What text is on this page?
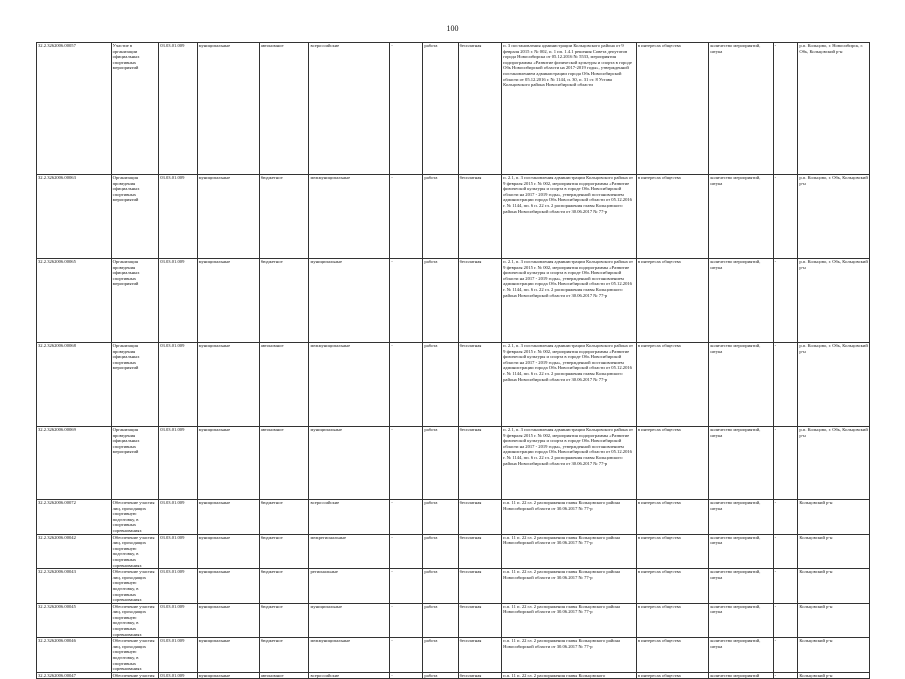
100
32.2.3262006.00057	Участие в организации официальных спортивных мероприятий	03.03.01.009	муниципальные	автономное	всероссийские	-	работа	бесплатная	п. 3 постановления администрации Кольцовского района от 9 февраля 2015 г. № 002, п. 1 пп. 1.4.1 решения Совета депутатов города Новосибирска от 05.12.2016 № 5533, мероприятия подпрограммы «Развитие физической культуры и спорта в городе Обь Новосибирской области на 2017-2019 годы», утвержденной постановлением администрации города Обь Новосибирской области от 05.12.2016 г. № 1144, п. 30, п. 31 ст. 8 Устава Кольцовского района Новосибирской области	в интересах общества	количество мероприятий, штука	-	р.п. Кольцово, г. Новосибирск, г. Обь, Кольцовский р-н
32.2.3262006.00063	Организация проведения официальных спортивных мероприятий	03.03.01.009	муниципальные	бюджетное	межмуниципальные	-	работа	бесплатная	п. 2.1, п. 3 постановления администрации Кольцовского района от 9 февраля 2015 г. № 002, мероприятия подпрограммы «Развитие физической культуры и спорта в городе Обь Новосибирской области на 2017 - 2019 годы», утвержденной постановлением администрации города Обь Новосибирской области от 05.12.2016 г. № 1144, пп. 6 п. 22 гл. 2 распоряжения главы Кольцовского района Новосибирской области от 30.06.2017 № 77-р	в интересах общества	количество мероприятий, штука	-	р.п. Кольцово, г. Обь, Кольцовский р-н
32.2.3262006.00065	Организация проведения официальных спортивных мероприятий	03.03.01.009	муниципальные	бюджетное	муниципальные	-	работа	бесплатная	п. 2.1, п. 3 постановления администрации Кольцовского района от 9 февраля 2015 г. № 002, мероприятия подпрограммы «Развитие физической культуры и спорта в городе Обь Новосибирской области на 2017 - 2019 годы», утвержденной постановлением администрации города Обь Новосибирской области от 05.12.2016 г. № 1144, пп. 6 п. 22 гл. 2 распоряжения главы Кольцовского района Новосибирской области от 30.06.2017 № 77-р	в интересах общества	количество мероприятий, штука	-	р.п. Кольцово, г. Обь, Кольцовский р-н
32.2.3262006.00068	Организация проведения официальных спортивных мероприятий	03.03.01.009	муниципальные	автономное	межмуниципальные	-	работа	бесплатная	п. 2.1, п. 3 постановления администрации Кольцовского района от 9 февраля 2015 г. № 002, мероприятия подпрограммы «Развитие физической культуры и спорта в городе Обь Новосибирской области на 2017 - 2019 годы», утвержденной постановлением администрации города Обь Новосибирской области от 05.12.2016 г. № 1144, пп. 6 п. 22 гл. 2 распоряжения главы Кольцовского района Новосибирской области от 30.06.2017 № 77-р	в интересах общества	количество мероприятий, штука	-	р.п. Кольцово, г. Обь, Кольцовский р-н
32.2.3262006.00069	Организация проведения официальных спортивных мероприятий	03.03.01.009	муниципальные	автономное	муниципальные	-	работа	бесплатная	п. 2.1, п. 3 постановления администрации Кольцовского района от 9 февраля 2015 г. № 002, мероприятия подпрограммы «Развитие физической культуры и спорта в городе Обь Новосибирской области на 2017 - 2019 годы», утвержденной постановлением администрации города Обь Новосибирской области от 05.12.2016 г. № 1144, пп. 6 п. 22 гл. 2 распоряжения главы Кольцовского района Новосибирской области от 30.06.2017 № 77-р	в интересах общества	количество мероприятий, штука	-	р.п. Кольцово, г. Обь, Кольцовский р-н
32.2.3262006.00072	Обеспечение участия лиц, проходящих спортивную подготовку, в спортивных соревнованиях	03.03.01.009	муниципальные	бюджетное	всероссийские	-	работа	бесплатная	п.п. 11 п. 22 гл. 2 распоряжения главы Кольцовского района Новосибирской области от 30.06.2017 № 77-р	в интересах общества	количество мероприятий, штука	-	Кольцовский р-н
32.2.3262006.00042	Обеспечение участия лиц, проходящих спортивную подготовку, в спортивных соревнованиях	03.03.01.009	муниципальные	бюджетное	межрегиональные	-	работа	бесплатная	п.п. 11 п. 22 гл. 2 распоряжения главы Кольцовского района Новосибирской области от 30.06.2017 № 77-р	в интересах общества	количество мероприятий, штука	-	Кольцовский р-н
32.2.3262006.00043	Обеспечение участия лиц, проходящих спортивную подготовку, в спортивных соревнованиях	03.03.01.009	муниципальные	бюджетное	региональные	-	работа	бесплатная	п.п. 11 п. 22 гл. 2 распоряжения главы Кольцовского района Новосибирской области от 30.06.2017 № 77-р	в интересах общества	количество мероприятий, штука	-	Кольцовский р-н
32.2.3262006.00045	Обеспечение участия лиц, проходящих спортивную подготовку, в спортивных соревнованиях	03.03.01.009	муниципальные	бюджетное	муниципальные	-	работа	бесплатная	п.п. 11 п. 22 гл. 2 распоряжения главы Кольцовского района Новосибирской области от 30.06.2017 № 77-р	в интересах общества	количество мероприятий, штука	-	Кольцовский р-н
32.2.3262006.00046	Обеспечение участия лиц, проходящих спортивную подготовку, в спортивных соревнованиях	03.03.01.009	муниципальные	бюджетное	межмуниципальные	-	работа	бесплатная	п.п. 11 п. 22 гл. 2 распоряжения главы Кольцовского района Новосибирской области от 30.06.2017 № 77-р	в интересах общества	количество мероприятий, штука	-	Кольцовский р-н
32.2.3262006.00047	Обеспечение участия	03.03.01.009	муниципальные	автономное	всероссийские	-	работа	бесплатная	п.п. 11 п. 22 гл. 2 распоряжения главы Кольцовского	в интересах общества	количество мероприятий	-	Кольцовский р-н
